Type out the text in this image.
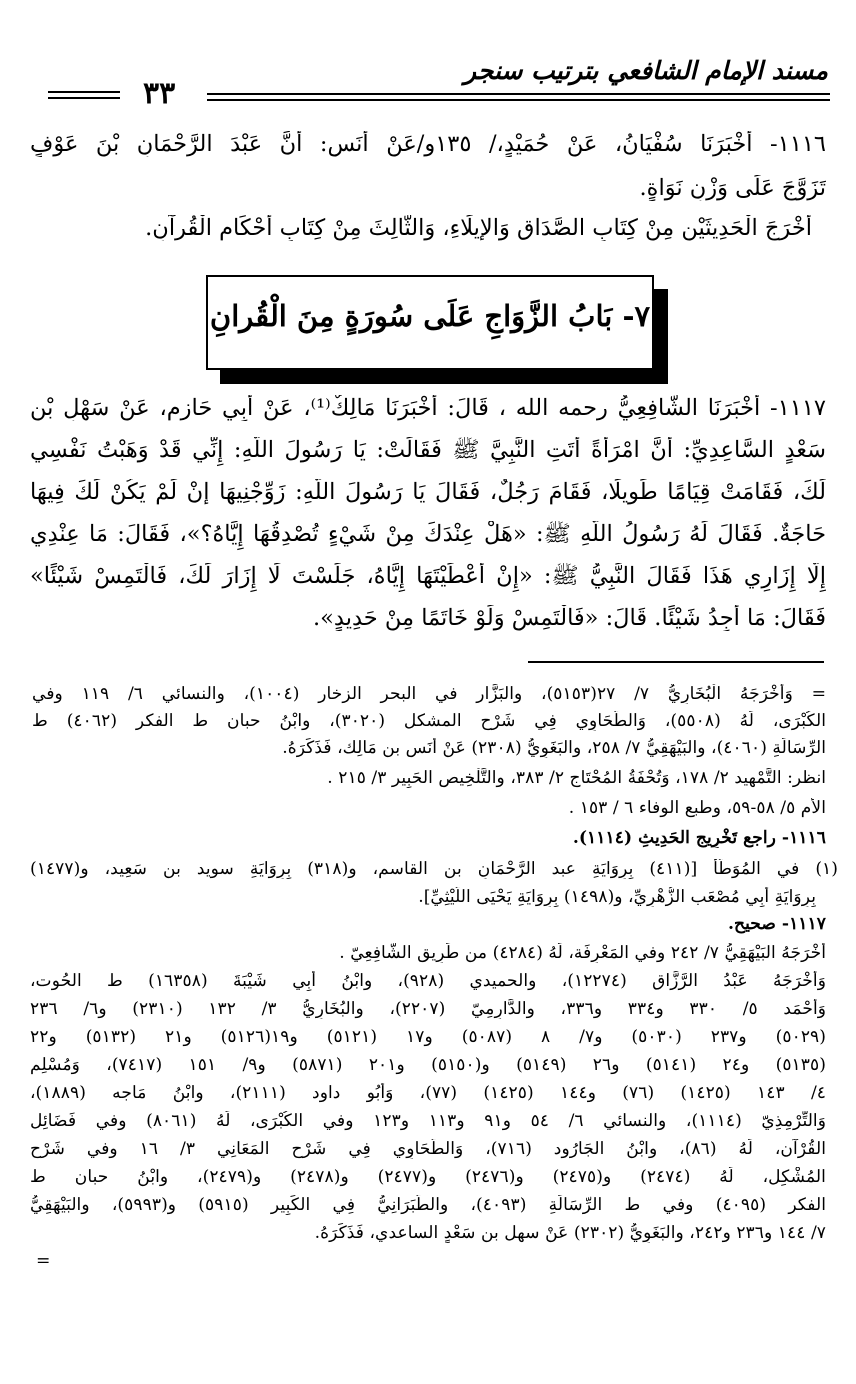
مسند الإمام الشافعي بترتيب سنجر
٣٣
١١١٦- أَخْبَرَنَا سُفْيَانُ، عَنْ حُمَيْدٍ،/ ١٣٥و/عَنْ أَنَسٍ: أَنَّ عَبْدَ الرَّحْمَانِ بْنَ عَوْفٍ
تَزَوَّجَ عَلَى وَزْنِ نَوَاةٍ.
أَخْرَجَ الْحَدِيثَيْنِ مِنْ كِتَابِ الصَّدَاقِ وَالإِيلَاءِ، وَالثَّالِثَ مِنْ كِتَابِ أَحْكَامِ الْقُرآنِ.
٧- بَابُ الزَّوَاجِ عَلَى سُورَةٍ مِنَ الْقُرانِ
١١١٧- أَخْبَرَنَا الشَّافِعِيُّ رحمه الله ، قَالَ: أَخْبَرَنَا مَالِكٌ⁽¹⁾، عَنْ أَبِي حَازِمٍ، عَنْ سَهْلِ بْنِ
سَعْدٍ السَّاعِدِيِّ: أَنَّ امْرَأَةً أَتَتِ النَّبِيَّ ﷺ فَقَالَتْ: يَا رَسُولَ اللَّهِ: إِنِّي قَدْ وَهَبْتُ نَفْسِي
لَكَ، فَقَامَتْ قِيَامًا طَوِيلًا، فَقَامَ رَجُلٌ، فَقَالَ يَا رَسُولَ اللَّهِ: زَوِّجْنِيهَا إِنْ لَمْ يَكُنْ لَكَ فِيهَا
حَاجَةٌ. فَقَالَ لَهُ رَسُولُ اللَّهِ ﷺ: «هَلْ عِنْدَكَ مِنْ شَيْءٍ تُصْدِقُهَا إِيَّاهُ؟»، فَقَالَ: مَا عِنْدِي
إِلَّا إِزَارِي هَذَا فَقَالَ النَّبِيُّ ﷺ: «إِنْ أَعْطَيْتَهَا إِيَّاهُ، جَلَسْتَ لَا إِزَارَ لَكَ، فَالْتَمِسْ شَيْئًا»
فَقَالَ: مَا أَجِدُ شَيْئًا. قَالَ: «فَالْتَمِسْ وَلَوْ خَاتَمًا مِنْ حَدِيدٍ».
= وَأَخْرَجَهُ الْبُخَارِيُّ ٧/ ٢٧(٥١٥٣)، والبَزَّار في البحر الزخار (١٠٠٤)، والنسائي ٦/ ١١٩ وفي
الكُبْرَى، لَهُ (٥٥٠٨)، وَالطَّحَاوِي فِي شَرْحِ المشكل (٣٠٢٠)، وابْنُ حبان ط الفكر (٤٠٦٢) ط
الرِّسَالَةِ (٤٠٦٠)، والبَيْهَقِيُّ ٧/ ٢٥٨، والبَغَوِيُّ (٢٣٠٨) عَنْ أَنَسِ بن مَالِك، فَذَكَرَهُ.
انظر: التَّمْهِيد ٢/ ١٧٨، وَتُحْفَةُ المُحْتَاج ٢/ ٣٨٣، والتَّلْخِيص الحَبِير ٣/ ٢١٥ .
الأم ٥/ ٥٨-٥٩، وطبع الوفاء ٦ / ١٥٣ .
١١١٦- راجع تَخْرِيجِ الحَدِيثِ (١١١٤).
(١) في المُوَطَّأ [(٤١١) بِرِوَايَةِ عبد الرَّحْمَانِ بن القاسم، و(٣١٨) بِرِوَايَةِ سويد بن سَعِيد، و(١٤٧٧)
بِرِوَايَةِ أَبِي مُصْعَب الزُّهْرِيِّ، و(١٤٩٨) بِرِوَايَةِ يَحْيَى اللَّيْثِيِّ].
١١١٧- صحيح.
أَخْرَجَهُ البَيْهَقِيُّ ٧/ ٢٤٢ وفي المَعْرِفَة، لَهُ (٤٢٨٤) من طَرِيق الشَّافِعِيّ .
وَأَخْرَجَهُ عَبْدُ الرَّزَّاق (١٢٢٧٤)، والحميدي (٩٢٨)، وابْنُ أَبِي شَيْبَةَ (١٦٣٥٨) ط الحُوت،
وَأَحْمَد ٥/ ٣٣٠ و٣٣٤ و٣٣٦، والدَّارِمِيّ (٢٢٠٧)، والبُخَارِيُّ ٣/ ١٣٢ (٢٣١٠) و٦/ ٢٣٦
(٥٠٢٩) و٢٣٧ (٥٠٣٠) و٧/ ٨ (٥٠٨٧) و١٧ (٥١٢١) و١٩(٥١٢٦) و٢١ (٥١٣٢) و٢٢
(٥١٣٥) و٢٤ (٥١٤١) و٢٦ (٥١٤٩) و(٥١٥٠) و٢٠١ (٥٨٧١) و٩/ ١٥١ (٧٤١٧)، وَمُسْلِم
٤/ ١٤٣ (١٤٢٥) (٧٦) و١٤٤ (١٤٢٥) (٧٧)، وَأَبُو داود (٢١١١)، وابْنُ مَاجه (١٨٨٩)،
وَالتِّرْمِذِيّ (١١١٤)، والنسائي ٦/ ٥٤ و٩١ و١١٣ و١٢٣ وفي الكُبْرَى، لَهُ (٨٠٦١) وفي فَضَائِل
القُرْآن، لَهُ (٨٦)، وابْنُ الجَارُود (٧١٦)، وَالطَّحَاوِي فِي شَرْحِ المَعَانِي ٣/ ١٦ وفي شَرْحِ
المُشْكِل، لَهُ (٢٤٧٤) و(٢٤٧٥) و(٢٤٧٦) و(٢٤٧٧) و(٢٤٧٨) و(٢٤٧٩)، وابْنُ حبان ط
الفكر (٤٠٩٥) وفي ط الرِّسَالَةِ (٤٠٩٣)، والطَّبَرَانِيُّ فِي الكَبِير (٥٩١٥) و(٥٩٩٣)، والبَيْهَقِيُّ
٧/ ١٤٤ و٢٣٦ و٢٤٢، والبَغَوِيُّ (٢٣٠٢) عَنْ سهل بن سَعْدٍ الساعدي، فَذَكَرَهُ.
=
